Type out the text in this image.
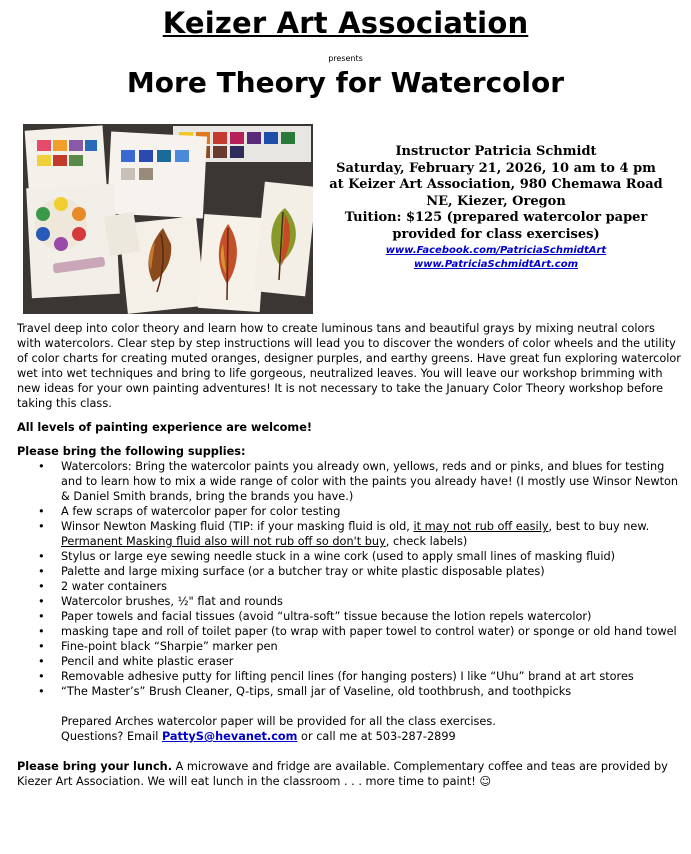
Keizer Art Association
presents
More Theory for Watercolor
Instructor Patricia Schmidt
Saturday, February 21, 2026, 10 am to 4 pm
at Keizer Art Association, 980 Chemawa Road
NE, Kiezer, Oregon
Tuition: $125 (prepared watercolor paper
provided for class exercises)
www.Facebook.com/PatriciaSchmidtArt
www.PatriciaSchmidtArt.com

Travel deep into color theory and learn how to create luminous tans and beautiful grays by mixing neutral colors with watercolors. Clear step by step instructions will lead you to discover the wonders of color wheels and the utility of color charts for creating muted oranges, designer purples, and earthy greens. Have great fun exploring watercolor wet into wet techniques and bring to life gorgeous, neutralized leaves. You will leave our workshop brimming with new ideas for your own painting adventures! It is not necessary to take the January Color Theory workshop before taking this class.

All levels of painting experience are welcome!

Please bring the following supplies:

• Watercolors: Bring the watercolor paints you already own, yellows, reds and or pinks, and blues for testing and to learn how to mix a wide range of color with the paints you already have! (I mostly use Winsor Newton & Daniel Smith brands, bring the brands you have.)
• A few scraps of watercolor paper for color testing
• Winsor Newton Masking fluid (TIP: if your masking fluid is old, it may not rub off easily, best to buy new. Permanent Masking fluid also will not rub off so don't buy, check labels)
• Stylus or large eye sewing needle stuck in a wine cork (used to apply small lines of masking fluid)
• Palette and large mixing surface (or a butcher tray or white plastic disposable plates)
• 2 water containers
• Watercolor brushes, ½" flat and rounds
• Paper towels and facial tissues (avoid “ultra-soft” tissue because the lotion repels watercolor)
• masking tape and roll of toilet paper (to wrap with paper towel to control water) or sponge or old hand towel
• Fine-point black “Sharpie” marker pen
• Pencil and white plastic eraser
• Removable adhesive putty for lifting pencil lines (for hanging posters) I like “Uhu” brand at art stores
• “The Master’s” Brush Cleaner, Q-tips, small jar of Vaseline, old toothbrush, and toothpicks

Prepared Arches watercolor paper will be provided for all the class exercises.

Questions? Email PattyS@hevanet.com or call me at 503-287-2899

Please bring your lunch. A microwave and fridge are available. Complementary coffee and teas are provided by Kiezer Art Association. We will eat lunch in the classroom . . . more time to paint! ☺
